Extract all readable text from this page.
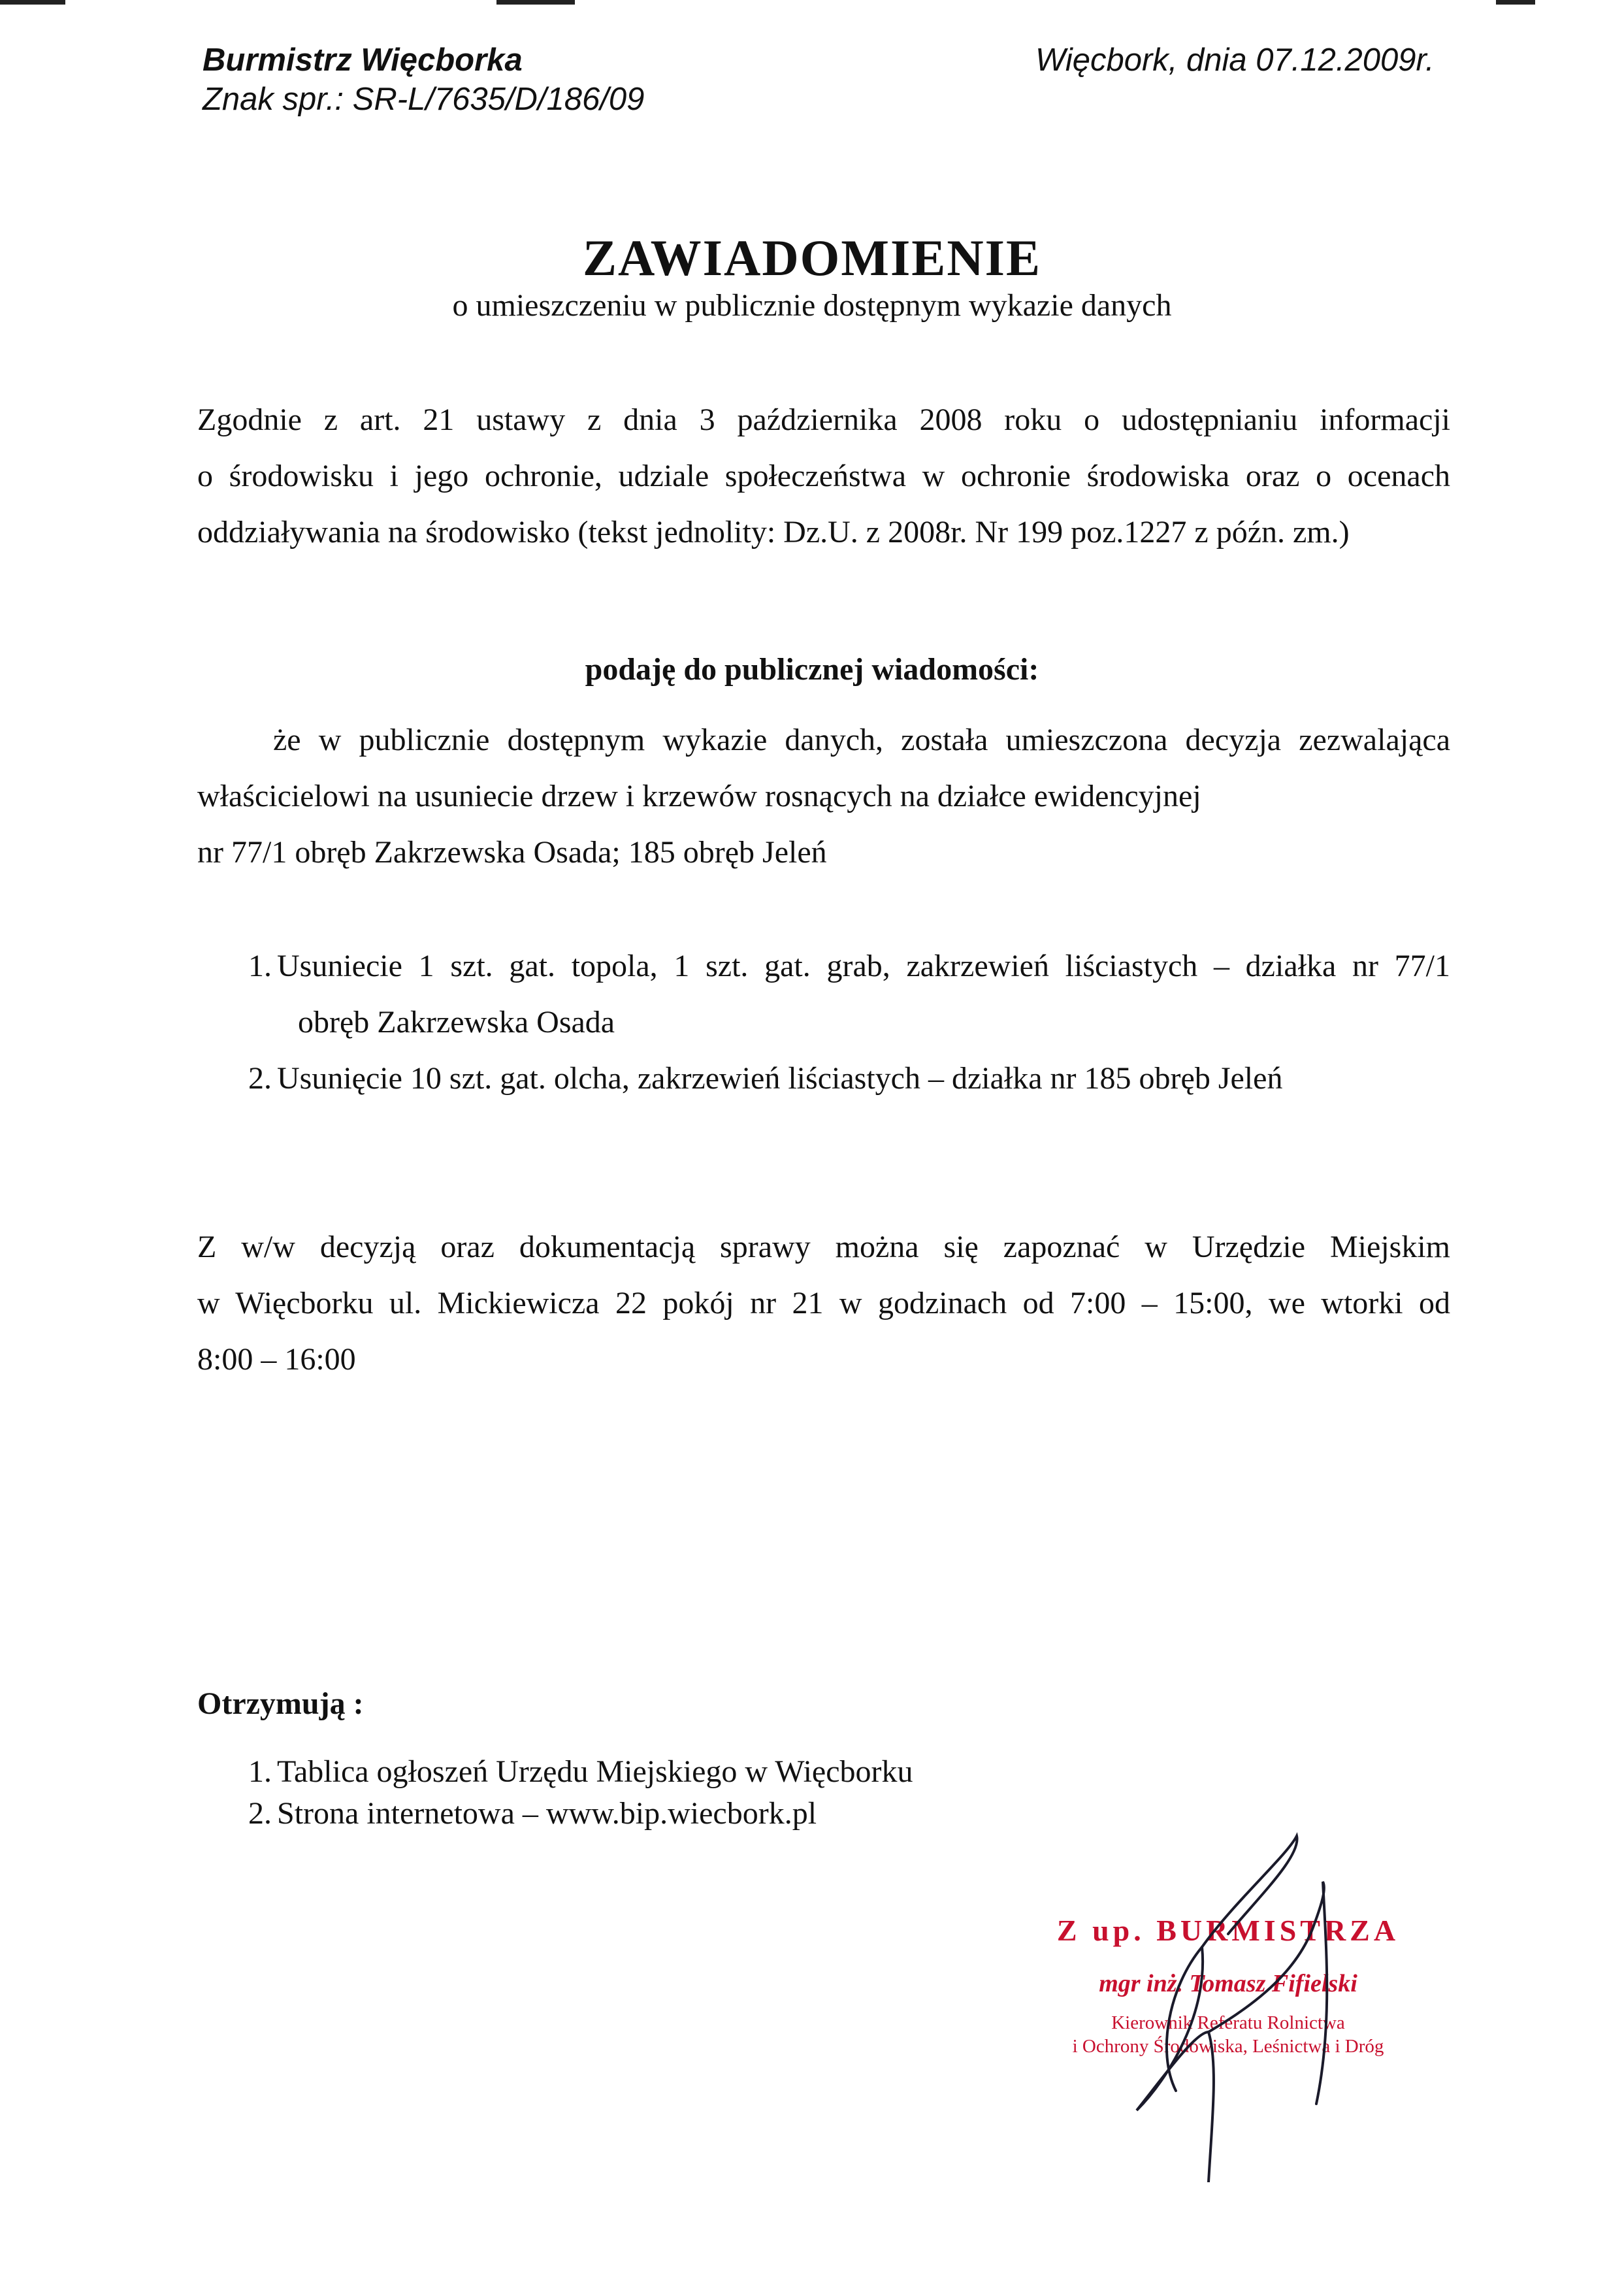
Burmistrz Więcborka
Znak spr.: SR-L/7635/D/186/09
Więcbork, dnia 07.12.2009r.
ZAWIADOMIENIE
o umieszczeniu w publicznie dostępnym wykazie danych
Zgodnie z art. 21 ustawy z dnia 3 października 2008 roku o udostępnianiu informacji
o środowisku i jego ochronie, udziale społeczeństwa w ochronie środowiska oraz o ocenach
oddziaływania na środowisko (tekst jednolity: Dz.U. z 2008r. Nr 199 poz.1227 z późn. zm.)
podaję do publicznej wiadomości:
że w publicznie dostępnym wykazie danych, została umieszczona decyzja zezwalająca
właścicielowi na usuniecie drzew i krzewów rosnących na działce ewidencyjnej
nr 77/1 obręb Zakrzewska Osada; 185 obręb Jeleń
1. Usuniecie 1 szt. gat. topola, 1 szt. gat. grab, zakrzewień liściastych – działka nr 77/1
obręb Zakrzewska Osada
2. Usunięcie 10 szt. gat. olcha, zakrzewień liściastych – działka nr 185 obręb Jeleń
Z w/w decyzją oraz dokumentacją sprawy można się zapoznać w Urzędzie Miejskim
w Więcborku ul. Mickiewicza 22 pokój nr 21 w godzinach od 7:00 – 15:00, we wtorki od
8:00 – 16:00
Otrzymują :
1. Tablica ogłoszeń Urzędu Miejskiego w Więcborku
2. Strona internetowa – www.bip.wiecbork.pl
Z up. BURMISTRZA
mgr inż. Tomasz Fifielski
Kierownik Referatu Rolnictwa
i Ochrony Środowiska, Leśnictwa i Dróg
